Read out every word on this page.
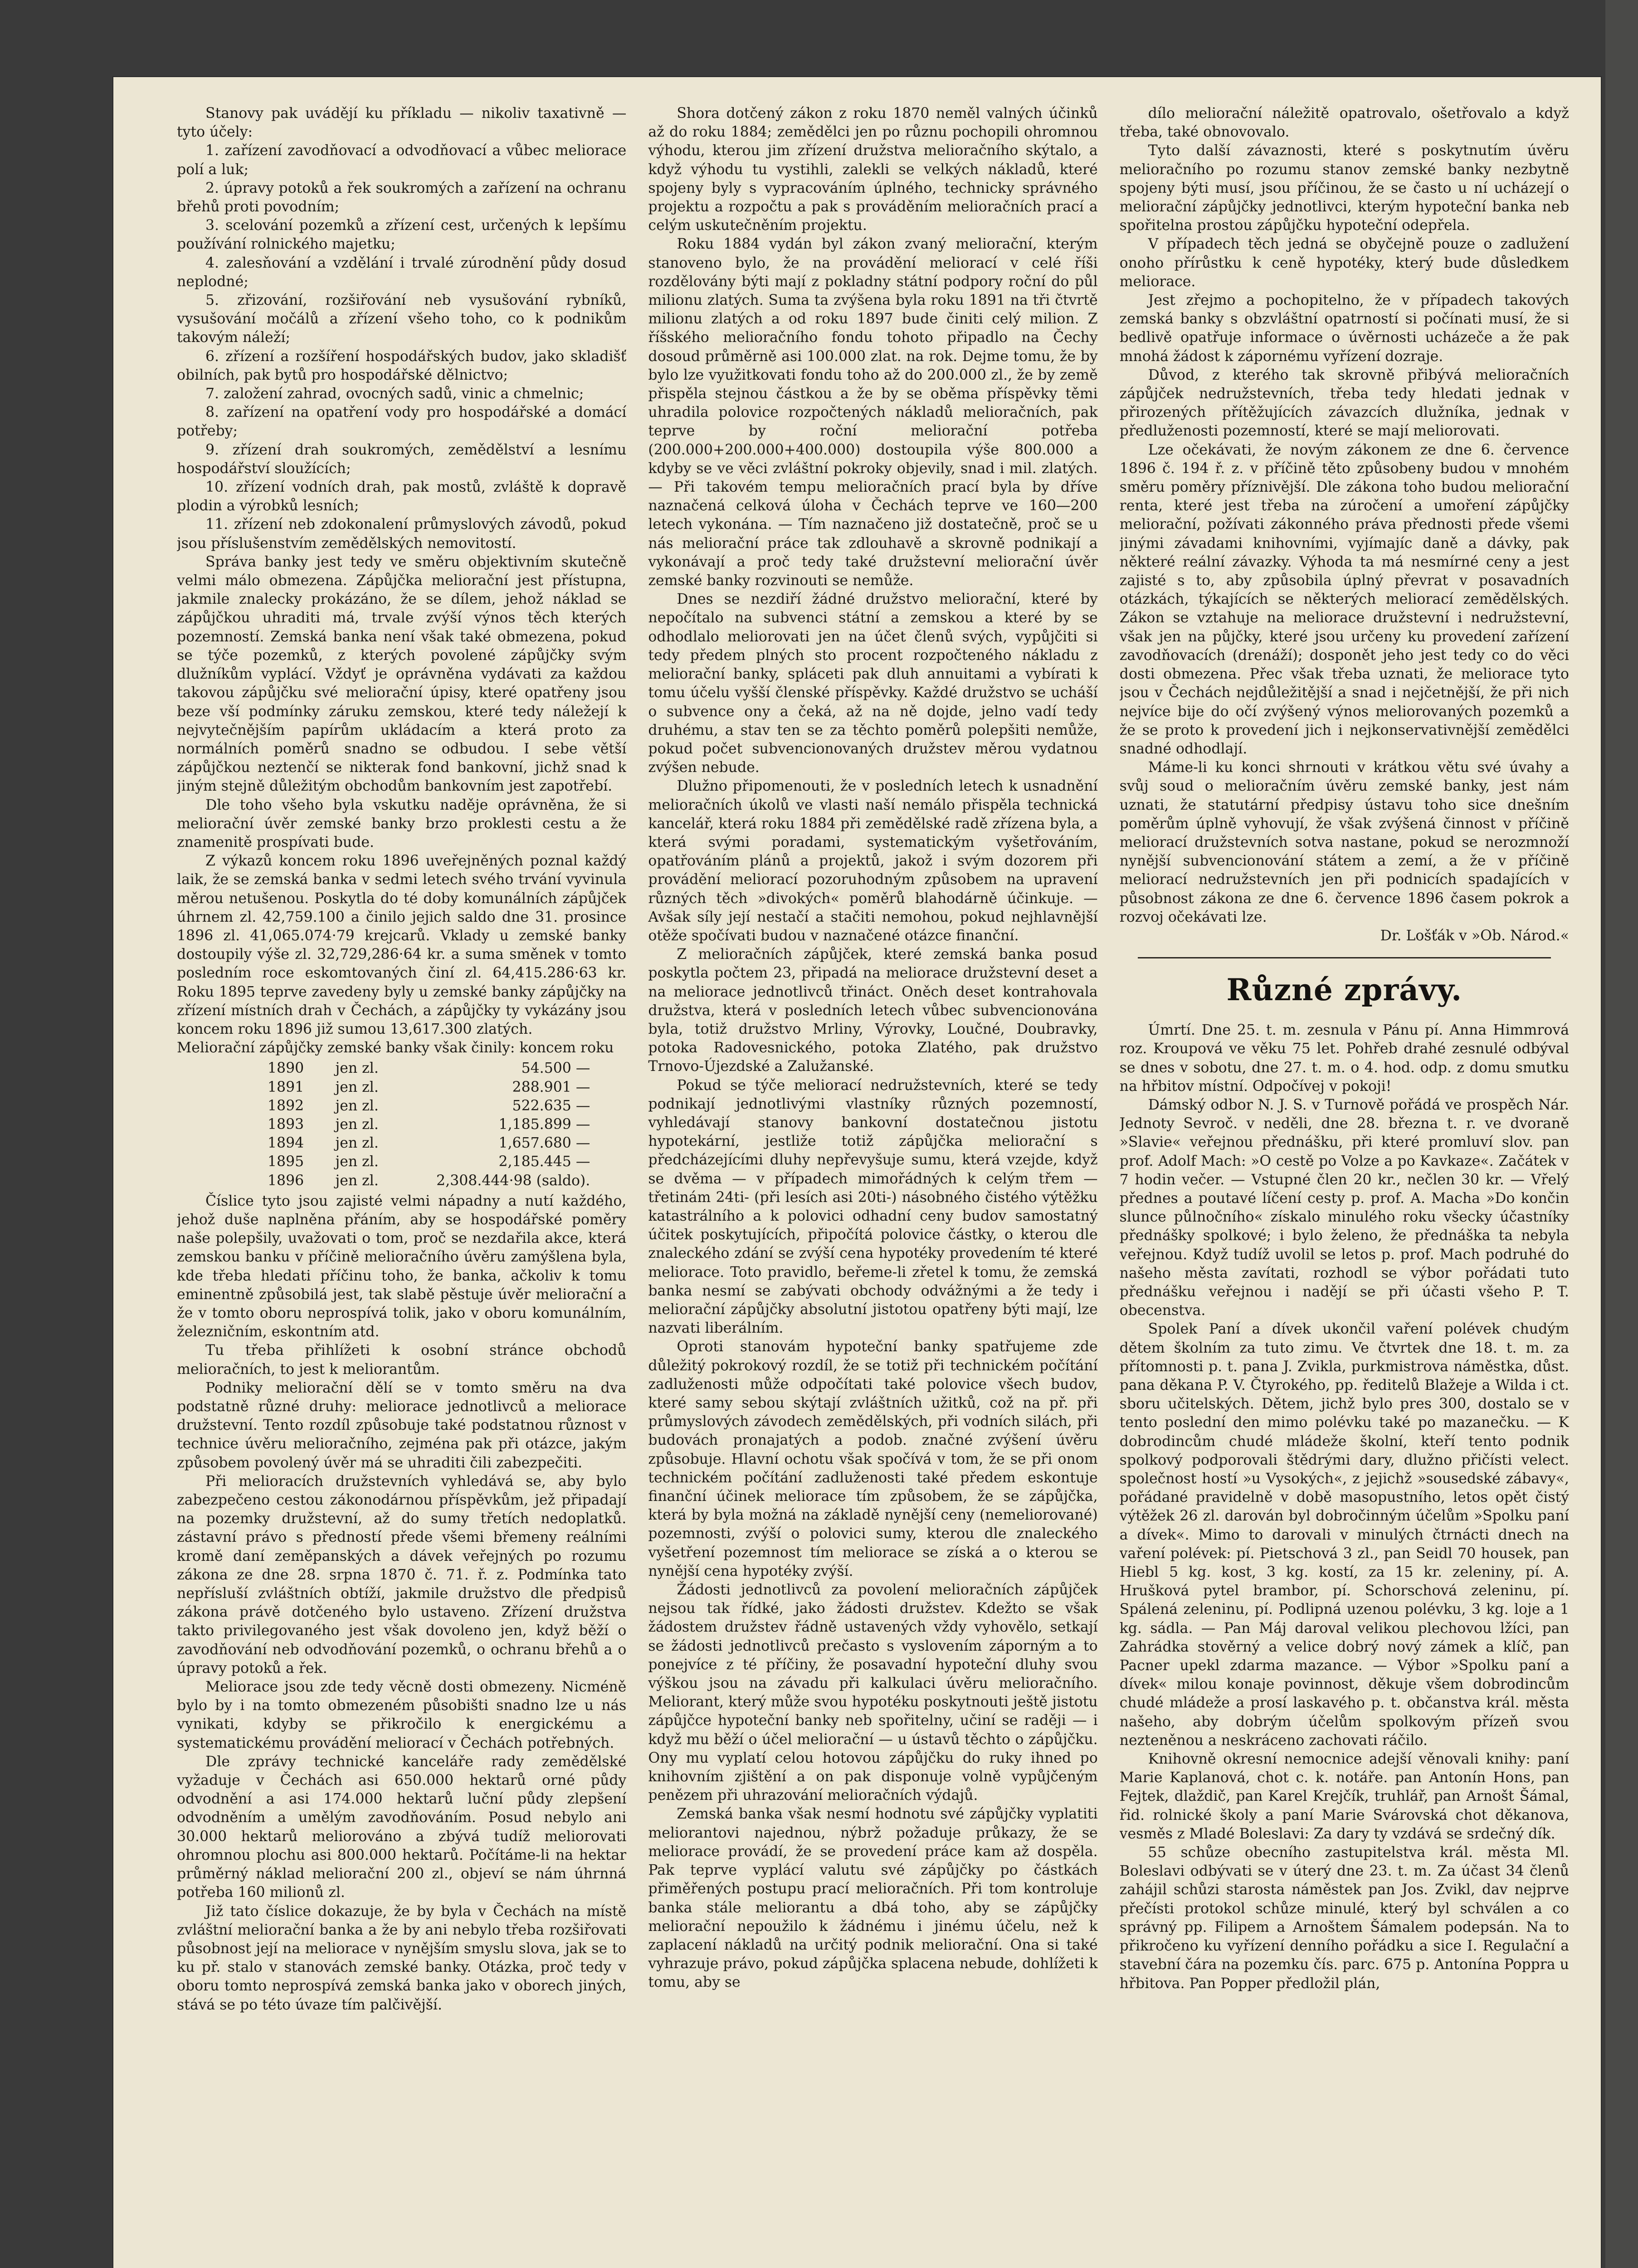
Stanovy pak uvádějí ku příkladu — nikoliv taxativně — tyto účely:

1. zařízení zavodňovací a odvodňovací a vůbec meliorace polí a luk;

2. úpravy potoků a řek soukromých a zařízení na ochranu břehů proti povodním;

3. scelování pozemků a zřízení cest, určených k lepšímu používání rolnického majetku;

4. zalesňování a vzdělání i trvalé zúrodnění půdy dosud neplodné;

5. zřizování, rozšiřování neb vysušování rybníků, vysušování močálů a zřízení všeho toho, co k podnikům takovým náleží;

6. zřízení a rozšíření hospodářských budov, jako skladišť obilních, pak bytů pro hospodářské dělnictvo;

7. založení zahrad, ovocných sadů, vinic a chmelnic;

8. zařízení na opatření vody pro hospodářské a domácí potřeby;

9. zřízení drah soukromých, zemědělství a lesnímu hospodářství sloužících;

10. zřízení vodních drah, pak mostů, zvláště k dopravě plodin a výrobků lesních;

11. zřízení neb zdokonalení průmyslových závodů, pokud jsou příslušenstvím zemědělských nemovitostí.

Správa banky jest tedy ve směru objektivním skutečně velmi málo obmezena. Zápůjčka meliorační jest přístupna, jakmile znalecky prokázáno, že se dílem, jehož náklad se zápůjčkou uhraditi má, trvale zvýší výnos těch kterých pozemností. Zemská banka není však také obmezena, pokud se týče pozemků, z kterých povolené zápůjčky svým dlužníkům vyplácí. Vždyť je oprávněna vydávati za každou takovou zápůjčku své meliorační úpisy, které opatřeny jsou beze vší podmínky záruku zemskou, které tedy náležejí k nejvytečnějším papírům ukládacím a která proto za normálních poměrů snadno se odbudou. I sebe větší zápůjčkou neztenčí se nikterak fond bankovní, jichž snad k jiným stejně důležitým obchodům bankovním jest zapotřebí.

Dle toho všeho byla vskutku naděje oprávněna, že si meliorační úvěr zemské banky brzo proklesti cestu a že znamenitě prospívati bude.

Z výkazů koncem roku 1896 uveřejněných poznal každý laik, že se zemská banka v sedmi letech svého trvání vyvinula měrou netušenou. Poskytla do té doby komunálních zápůjček úhrnem zl. 42,759.100 a činilo jejich saldo dne 31. prosince 1896 zl. 41,065.074·79 krejcarů. Vklady u zemské banky dostoupily výše zl. 32,729,286·64 kr. a suma směnek v tomto posledním roce eskomtovaných činí zl. 64,415.286·63 kr. Roku 1895 teprve zavedeny byly u zemské banky zápůjčky na zřízení místních drah v Čechách, a zápůjčky ty vykázány jsou koncem roku 1896 již sumou 13,617.300 zlatých.

Meliorační zápůjčky zemské banky však činily: koncem roku

1890	jen zl.	54.500 —
1891	jen zl.	288.901 —
1892	jen zl.	522.635 —
1893	jen zl.	1,185.899 —
1894	jen zl.	1,657.680 —
1895	jen zl.	2,185.445 —
1896	jen zl.	2,308.444·98 (saldo).

Číslice tyto jsou zajisté velmi nápadny a nutí každého, jehož duše naplněna přáním, aby se hospodářské poměry naše polepšily, uvažovati o tom, proč se nezdařila akce, která zemskou banku v příčině melioračního úvěru zamýšlena byla, kde třeba hledati příčinu toho, že banka, ačkoliv k tomu eminentně způsobilá jest, tak slabě pěstuje úvěr meliorační a že v tomto oboru neprospívá tolik, jako v oboru komunálním, železničním, eskontním atd.

Tu třeba přihlížeti k osobní stránce obchodů melioračních, to jest k meliorantům.

Podniky meliorační dělí se v tomto směru na dva podstatně různé druhy: meliorace jednotlivců a meliorace družstevní. Tento rozdíl způsobuje také podstatnou různost v technice úvěru melioračního, zejména pak při otázce, jakým způsobem povolený úvěr má se uhraditi čili zabezpečiti.

Při melioracích družstevních vyhledává se, aby bylo zabezpečeno cestou zákonodárnou příspěvkům, jež připadají na pozemky družstevní, až do sumy třetích nedoplatků. zástavní právo s předností přede všemi břemeny reálními kromě daní zeměpanských a dávek veřejných po rozumu zákona ze dne 28. srpna 1870 č. 71. ř. z. Podmínka tato nepřísluší zvláštních obtíží, jakmile družstvo dle předpisů zákona právě dotčeného bylo ustaveno. Zřízení družstva takto privilegovaného jest však dovoleno jen, když běží o zavodňování neb odvodňování pozemků, o ochranu břehů a o úpravy potoků a řek.

Meliorace jsou zde tedy věcně dosti obmezeny. Nicméně bylo by i na tomto obmezeném působišti snadno lze u nás vynikati, kdyby se přikročilo k energickému a systematickému provádění meliorací v Čechách potřebných.

Dle zprávy technické kanceláře rady zemědělské vyžaduje v Čechách asi 650.000 hektarů orné půdy odvodnění a asi 174.000 hektarů luční půdy zlepšení odvodněním a umělým zavodňováním. Posud nebylo ani 30.000 hektarů meliorováno a zbývá tudíž meliorovati ohromnou plochu asi 800.000 hektarů. Počítáme-li na hektar průměrný náklad meliorační 200 zl., objeví se nám úhrnná potřeba 160 milionů zl.

Již tato číslice dokazuje, že by byla v Čechách na místě zvláštní meliorační banka a že by ani nebylo třeba rozšiřovati působnost její na meliorace v nynějším smyslu slova, jak se to ku př. stalo v stanovách zemské banky. Otázka, proč tedy v oboru tomto neprospívá zemská banka jako v oborech jiných, stává se po této úvaze tím palčivější.

Shora dotčený zákon z roku 1870 neměl valných účinků až do roku 1884; zemědělci jen po různu pochopili ohromnou výhodu, kterou jim zřízení družstva melioračního skýtalo, a když výhodu tu vystihli, zalekli se velkých nákladů, které spojeny byly s vypracováním úplného, technicky správného projektu a rozpočtu a pak s prováděním melioračních prací a celým uskutečněním projektu.

Roku 1884 vydán byl zákon zvaný meliorační, kterým stanoveno bylo, že na provádění meliorací v celé říši rozdělovány býti mají z pokladny státní podpory roční do půl milionu zlatých. Suma ta zvýšena byla roku 1891 na tři čtvrtě milionu zlatých a od roku 1897 bude činiti celý milion. Z říšského melioračního fondu tohoto připadlo na Čechy dosoud průměrně asi 100.000 zlat. na rok. Dejme tomu, že by bylo lze využitkovati fondu toho až do 200.000 zl., že by země přispěla stejnou částkou a že by se oběma příspěvky těmi uhradila polovice rozpočtených nákladů melioračních, pak teprve by roční meliorační potřeba (200.000+200.000+400.000) dostoupila výše 800.000 a kdyby se ve věci zvláštní pokroky objevily, snad i mil. zlatých. — Při takovém tempu melioračních prací byla by dříve naznačená celková úloha v Čechách teprve ve 160—200 letech vykonána. — Tím naznačeno již dostatečně, proč se u nás meliorační práce tak zdlouhavě a skrovně podnikají a vykonávají a proč tedy také družstevní meliorační úvěr zemské banky rozvinouti se nemůže.

Dnes se nezdiří žádné družstvo meliorační, které by nepočítalo na subvenci státní a zemskou a které by se odhodlalo meliorovati jen na účet členů svých, vypůjčiti si tedy předem plných sto procent rozpočteného nákladu z meliorační banky, spláceti pak dluh annuitami a vybírati k tomu účelu vyšší členské příspěvky. Každé družstvo se ucháší o subvence ony a čeká, až na ně dojde, jelno vadí tedy druhému, a stav ten se za těchto poměrů polepšiti nemůže, pokud počet subvencionovaných družstev měrou vydatnou zvýšen nebude.

Dlužno připomenouti, že v posledních letech k usnadnění melioračních úkolů ve vlasti naší nemálo přispěla technická kancelář, která roku 1884 při zemědělské radě zřízena byla, a která svými poradami, systematickým vyšetřováním, opatřováním plánů a projektů, jakož i svým dozorem při provádění meliorací pozoruhodným způsobem na upravení různých těch »divokých« poměrů blahodárně účinkuje. — Avšak síly její nestačí a stačiti nemohou, pokud nejhlavnější otěže spočívati budou v naznačené otázce finanční.

Z melioračních zápůjček, které zemská banka posud poskytla počtem 23, připadá na meliorace družstevní deset a na meliorace jednotlivců třináct. Oněch deset kontrahovala družstva, která v posledních letech vůbec subvencionována byla, totiž družstvo Mrliny, Výrovky, Loučné, Doubravky, potoka Radovesnického, potoka Zlatého, pak družstvo Trnovo-Újezdské a Zalužanské.

Pokud se týče meliorací nedružstevních, které se tedy podnikají jednotlivými vlastníky různých pozemností, vyhledávají stanovy bankovní dostatečnou jistotu hypotekární, jestliže totiž zápůjčka meliorační s předcházejícími dluhy nepřevyšuje sumu, která vzejde, když se dvěma — v případech mimořádných k celým třem — třetinám 24ti- (při lesích asi 20ti-) násobného čistého výtěžku katastrálního a k polovici odhadní ceny budov samostatný účitek poskytujících, připočítá polovice částky, o kterou dle znaleckého zdání se zvýší cena hypotéky provedením té které meliorace. Toto pravidlo, beřeme-li zřetel k tomu, že zemská banka nesmí se zabývati obchody odvážnými a že tedy i meliorační zápůjčky absolutní jistotou opatřeny býti mají, lze nazvati liberálním.

Oproti stanovám hypoteční banky spatřujeme zde důležitý pokrokový rozdíl, že se totiž při technickém počítání zadluženosti může odpočítati také polovice všech budov, které samy sebou skýtají zvláštních užitků, což na př. při průmyslových závodech zemědělských, při vodních silách, při budovách pronajatých a podob. značné zvýšení úvěru způsobuje. Hlavní ochotu však spočívá v tom, že se při onom technickém počítání zadluženosti také předem eskontuje finanční účinek meliorace tím způsobem, že se zápůjčka, která by byla možná na základě nynější ceny (nemeliorované) pozemnosti, zvýší o polovici sumy, kterou dle znaleckého vyšetření pozemnost tím meliorace se získá a o kterou se nynější cena hypotéky zvýší.

Žádosti jednotlivců za povolení melioračních zápůjček nejsou tak řídké, jako žádosti družstev. Kdežto se však žádostem družstev řádně ustavených vždy vyhovělo, setkají se žádosti jednotlivců prečasto s vyslovením záporným a to ponejvíce z té příčiny, že posavadní hypoteční dluhy svou výškou jsou na závadu při kalkulaci úvěru melioračního. Meliorant, který může svou hypotéku poskytnouti ještě jistotu zápůjčce hypoteční banky neb spořitelny, učiní se raději — i když mu běží o účel meliorační — u ústavů těchto o zápůjčku. Ony mu vyplatí celou hotovou zápůjčku do ruky ihned po knihovním zjištění a on pak disponuje volně vypůjčeným penězem při uhrazování melioračních výdajů.

Zemská banka však nesmí hodnotu své zápůjčky vyplatiti meliorantovi najednou, nýbrž požaduje průkazy, že se meliorace provádí, že se provedení práce kam až dospěla. Pak teprve vyplácí valutu své zápůjčky po částkách přiměřených postupu prací melioračních. Při tom kontroluje banka stále meliorantu a dbá toho, aby se zápůjčky meliorační nepoužilo k žádnému i jinému účelu, než k zaplacení nákladů na určitý podnik meliorační. Ona si také vyhrazuje právo, pokud zápůjčka splacena nebude, dohlížeti k tomu, aby se

dílo meliorační náležitě opatrovalo, ošetřovalo a když třeba, také obnovovalo.

Tyto další závaznosti, které s poskytnutím úvěru melioračního po rozumu stanov zemské banky nezbytně spojeny býti musí, jsou příčinou, že se často u ní ucházejí o meliorační zápůjčky jednotlivci, kterým hypoteční banka neb spořitelna prostou zápůjčku hypoteční odepřela.

V případech těch jedná se obyčejně pouze o zadlužení onoho přírůstku k ceně hypotéky, který bude důsledkem meliorace.

Jest zřejmo a pochopitelno, že v případech takových zemská banky s obzvláštní opatrností si počínati musí, že si bedlivě opatřuje informace o úvěrnosti ucházeče a že pak mnohá žádost k zápornému vyřízení dozraje.

Důvod, z kterého tak skrovně přibývá melioračních zápůjček nedružstevních, třeba tedy hledati jednak v přirozených přítěžujících závazcích dlužníka, jednak v předluženosti pozemností, které se mají meliorovati.

Lze očekávati, že novým zákonem ze dne 6. července 1896 č. 194 ř. z. v příčině těto způsobeny budou v mnohém směru poměry příznivější. Dle zákona toho budou meliorační renta, které jest třeba na zúročení a umoření zápůjčky meliorační, požívati zákonného práva přednosti přede všemi jinými závadami knihovními, vyjímajíc daně a dávky, pak některé reální závazky. Výhoda ta má nesmírné ceny a jest zajisté s to, aby způsobila úplný převrat v posavadních otázkách, týkajících se některých meliorací zemědělských. Zákon se vztahuje na meliorace družstevní i nedružstevní, však jen na půjčky, které jsou určeny ku provedení zařízení zavodňovacích (drenáží); dosponět jeho jest tedy co do věci dosti obmezena. Přec však třeba uznati, že meliorace tyto jsou v Čechách nejdůležitější a snad i nejčetnější, že při nich nejvíce bije do očí zvýšený výnos meliorovaných pozemků a že se proto k provedení jich i nejkonservativnější zemědělci snadné odhodlají.

Máme-li ku konci shrnouti v krátkou větu své úvahy a svůj soud o melioračním úvěru zemské banky, jest nám uznati, že statutární předpisy ústavu toho sice dnešním poměrům úplně vyhovují, že však zvýšená činnost v příčině meliorací družstevních sotva nastane, pokud se nerozmnoží nynější subvencionování státem a zemí, a že v příčině meliorací nedružstevních jen při podnicích spadajících v působnost zákona ze dne 6. července 1896 časem pokrok a rozvoj očekávati lze.

Dr. Lošťák v »Ob. Národ.«
Různé zprávy.

Úmrtí. Dne 25. t. m. zesnula v Pánu pí. Anna Himmrová roz. Kroupová ve věku 75 let. Pohřeb drahé zesnulé odbýval se dnes v sobotu, dne 27. t. m. o 4. hod. odp. z domu smutku na hřbitov místní. Odpočívej v pokoji!

Dámský odbor N. J. S. v Turnově pořádá ve prospěch Nár. Jednoty Sevroč. v neděli, dne 28. března t. r. ve dvoraně »Slavie« veřejnou přednášku, při které promluví slov. pan prof. Adolf Mach: »O cestě po Volze a po Kavkaze«. Začátek v 7 hodin večer. — Vstupné člen 20 kr., nečlen 30 kr. — Vřelý přednes a poutavé líčení cesty p. prof. A. Macha »Do končin slunce půlnočního« získalo minulého roku všecky účastníky přednášky spolkové; i bylo želeno, že přednáška ta nebyla veřejnou. Když tudíž uvolil se letos p. prof. Mach podruhé do našeho města zavítati, rozhodl se výbor pořádati tuto přednášku veřejnou i nadějí se při účasti všeho P. T. obecenstva.

Spolek Paní a dívek ukončil vaření polévek chudým dětem školním za tuto zimu. Ve čtvrtek dne 18. t. m. za přítomnosti p. t. pana J. Zvikla, purkmistrova náměstka, důst. pana děkana P. V. Čtyrokého, pp. ředitelů Blažeje a Wilda i ct. sboru učitelských. Dětem, jichž bylo pres 300, dostalo se v tento poslední den mimo polévku také po mazanečku. — K dobrodincům chudé mládeže školní, kteří tento podnik spolkový podporovali štědrými dary, dlužno přičísti velect. společnost hostí »u Vysokých«, z jejichž »sousedské zábavy«, pořádané pravidelně v době masopustního, letos opět čistý výtěžek 26 zl. darován byl dobročinným účelům »Spolku paní a dívek«. Mimo to darovali v minulých čtrnácti dnech na vaření polévek: pí. Pietschová 3 zl., pan Seidl 70 housek, pan Hiebl 5 kg. kost, 3 kg. kostí, za 15 kr. zeleniny, pí. A. Hrušková pytel brambor, pí. Schorschová zeleninu, pí. Spálená zeleninu, pí. Podlipná uzenou polévku, 3 kg. loje a 1 kg. sádla. — Pan Máj daroval velikou plechovou lžíci, pan Zahrádka stověrný a velice dobrý nový zámek a klíč, pan Pacner upekl zdarma mazance. — Výbor »Spolku paní a dívek« milou konaje povinnost, děkuje všem dobrodincům chudé mládeže a prosí laskavého p. t. občanstva král. města našeho, aby dobrým účelům spolkovým přízeň svou nezteněnou a neskráceno zachovati ráčilo.

Knihovně okresní nemocnice adejší věnovali knihy: paní Marie Kaplanová, chot c. k. notáře. pan Antonín Hons, pan Fejtek, dlaždič, pan Karel Krejčík, truhlář, pan Arnošt Šámal, řid. rolnické školy a paní Marie Svárovská chot děkanova, vesměs z Mladé Boleslavi: Za dary ty vzdává se srdečný dík.

55 schůze obecního zastupitelstva král. města Ml. Boleslavi odbývati se v úterý dne 23. t. m. Za účast 34 členů zahájil schůzi starosta náměstek pan Jos. Zvikl, dav nejprve přečísti protokol schůze minulé, který byl schválen a co správný pp. Filipem a Arnoštem Šámalem podepsán. Na to přikročeno ku vyřízení denního pořádku a sice I. Regulační a stavební čára na pozemku čís. parc. 675 p. Antonína Poppra u hřbitova. Pan Popper předložil plán,
